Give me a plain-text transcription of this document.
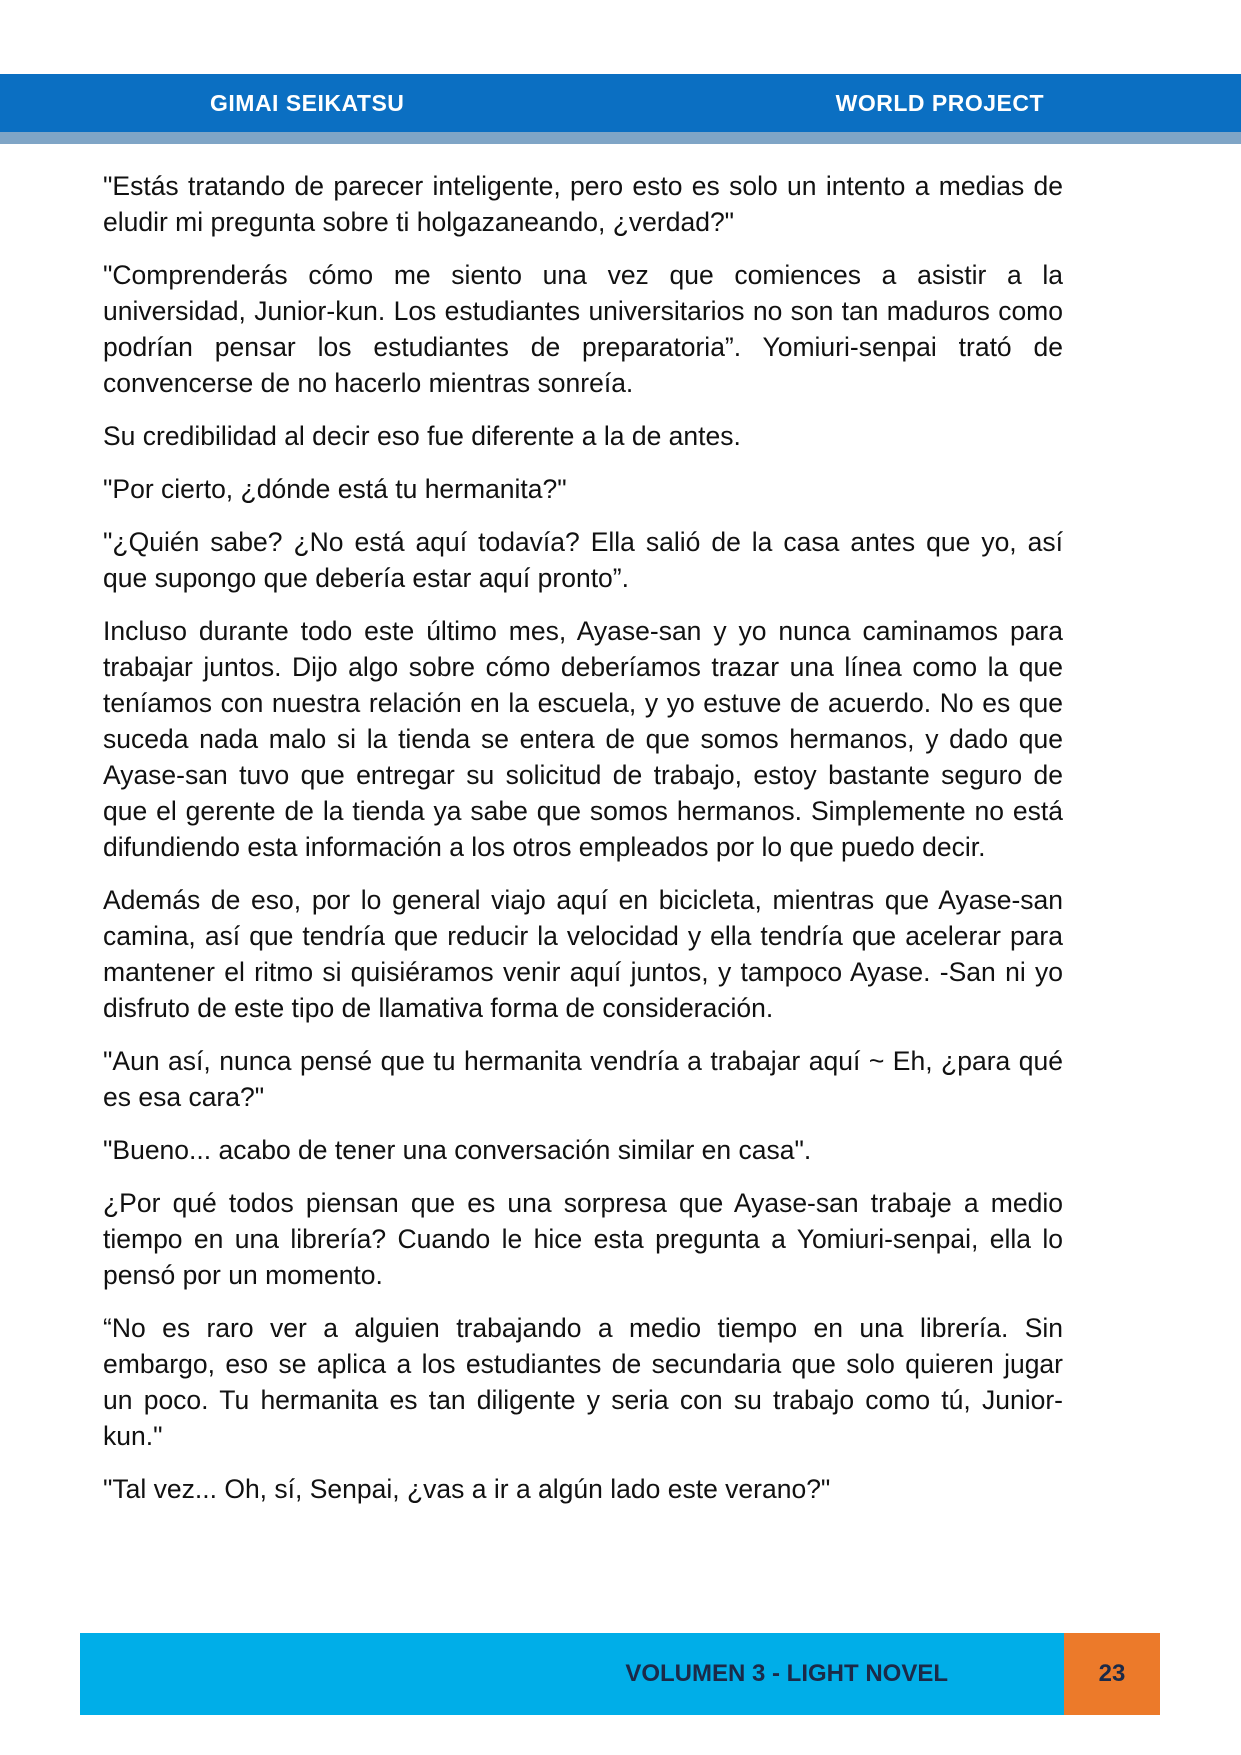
GIMAI SEIKATSU	WORLD PROJECT

"Estás tratando de parecer inteligente, pero esto es solo un intento a medias de eludir mi pregunta sobre ti holgazaneando, ¿verdad?"

"Comprenderás cómo me siento una vez que comiences a asistir a la universidad, Junior-kun. Los estudiantes universitarios no son tan maduros como podrían pensar los estudiantes de preparatoria”. Yomiuri-senpai trató de convencerse de no hacerlo mientras sonreía.

Su credibilidad al decir eso fue diferente a la de antes.

"Por cierto, ¿dónde está tu hermanita?"

"¿Quién sabe? ¿No está aquí todavía? Ella salió de la casa antes que yo, así que supongo que debería estar aquí pronto”.

Incluso durante todo este último mes, Ayase-san y yo nunca caminamos para trabajar juntos. Dijo algo sobre cómo deberíamos trazar una línea como la que teníamos con nuestra relación en la escuela, y yo estuve de acuerdo. No es que suceda nada malo si la tienda se entera de que somos hermanos, y dado que Ayase-san tuvo que entregar su solicitud de trabajo, estoy bastante seguro de que el gerente de la tienda ya sabe que somos hermanos. Simplemente no está difundiendo esta información a los otros empleados por lo que puedo decir.

Además de eso, por lo general viajo aquí en bicicleta, mientras que Ayase-san camina, así que tendría que reducir la velocidad y ella tendría que acelerar para mantener el ritmo si quisiéramos venir aquí juntos, y tampoco Ayase. -San ni yo disfruto de este tipo de llamativa forma de consideración.

"Aun así, nunca pensé que tu hermanita vendría a trabajar aquí ~ Eh, ¿para qué es esa cara?"

"Bueno... acabo de tener una conversación similar en casa".

¿Por qué todos piensan que es una sorpresa que Ayase-san trabaje a medio tiempo en una librería? Cuando le hice esta pregunta a Yomiuri-senpai, ella lo pensó por un momento.

“No es raro ver a alguien trabajando a medio tiempo en una librería. Sin embargo, eso se aplica a los estudiantes de secundaria que solo quieren jugar un poco. Tu hermanita es tan diligente y seria con su trabajo como tú, Junior-kun."

"Tal vez... Oh, sí, Senpai, ¿vas a ir a algún lado este verano?"

VOLUMEN 3 - LIGHT NOVEL	23
